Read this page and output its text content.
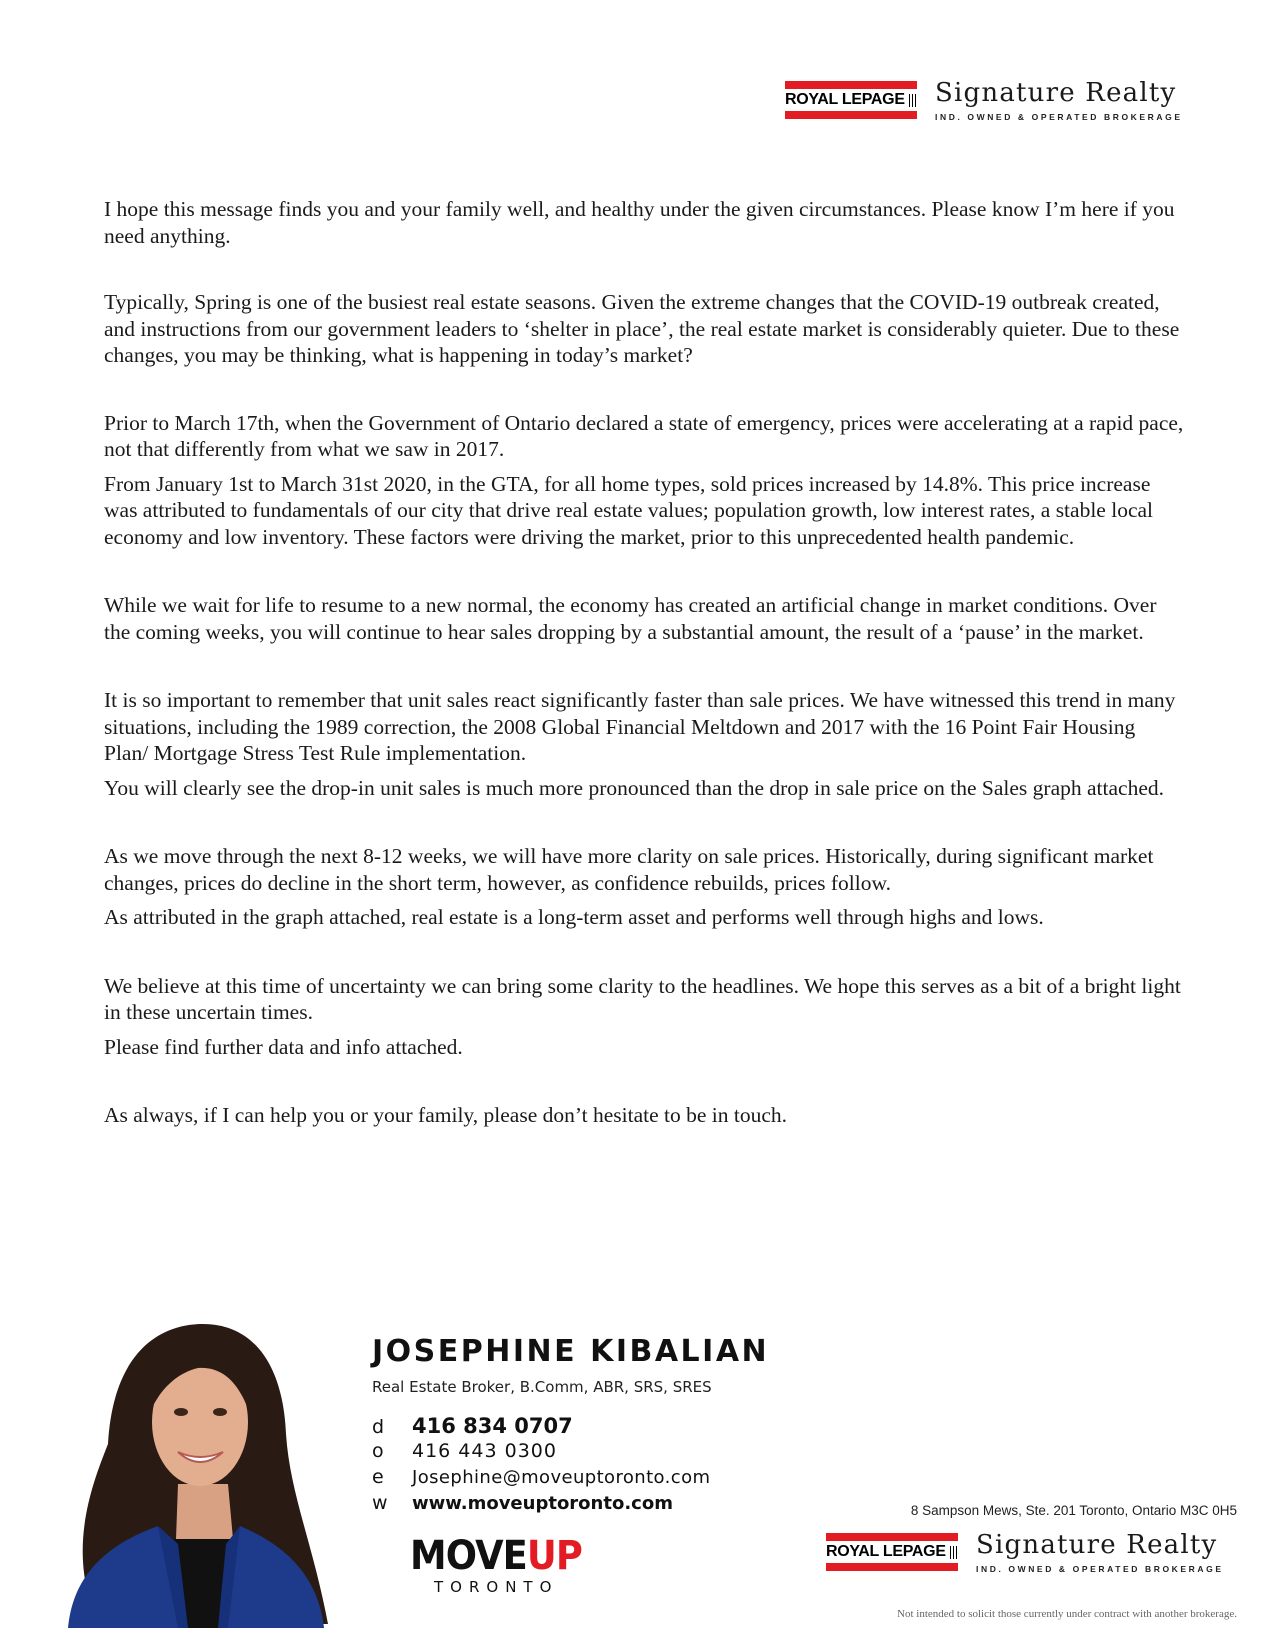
ROYAL LEPAGE Signature Realty
IND. OWNED & OPERATED BROKERAGE

I hope this message finds you and your family well, and healthy under the given circumstances. Please know I’m here if you need anything.

Typically, Spring is one of the busiest real estate seasons. Given the extreme changes that the COVID-19 outbreak created, and instructions from our government leaders to ‘shelter in place’, the real estate market is considerably quieter. Due to these changes, you may be thinking, what is happening in today’s market?

Prior to March 17th, when the Government of Ontario declared a state of emergency, prices were accelerating at a rapid pace, not that differently from what we saw in 2017.

From January 1st to March 31st 2020, in the GTA, for all home types, sold prices increased by 14.8%. This price increase was attributed to fundamentals of our city that drive real estate values; population growth, low interest rates, a stable local economy and low inventory. These factors were driving the market, prior to this unprecedented health pandemic.

While we wait for life to resume to a new normal, the economy has created an artificial change in market conditions. Over the coming weeks, you will continue to hear sales dropping by a substantial amount, the result of a ‘pause’ in the market.

It is so important to remember that unit sales react significantly faster than sale prices. We have witnessed this trend in many situations, including the 1989 correction, the 2008 Global Financial Meltdown and 2017 with the 16 Point Fair Housing Plan/ Mortgage Stress Test Rule implementation.

You will clearly see the drop-in unit sales is much more pronounced than the drop in sale price on the Sales graph attached.

As we move through the next 8-12 weeks, we will have more clarity on sale prices. Historically, during significant market changes, prices do decline in the short term, however, as confidence rebuilds, prices follow.

As attributed in the graph attached, real estate is a long-term asset and performs well through highs and lows.

We believe at this time of uncertainty we can bring some clarity to the headlines. We hope this serves as a bit of a bright light in these uncertain times.

Please find further data and info attached.

As always, if I can help you or your family, please don’t hesitate to be in touch.

JOSEPHINE KIBALIAN
Real Estate Broker, B.Comm, ABR, SRS, SRES
d	416 834 0707
o	416 443 0300
e	Josephine@moveuptoronto.com
w	www.moveuptoronto.com
MOVEUP
TORONTO
8 Sampson Mews, Ste. 201 Toronto, Ontario M3C 0H5
ROYAL LEPAGE Signature Realty
IND. OWNED & OPERATED BROKERAGE
Not intended to solicit those currently under contract with another brokerage.
